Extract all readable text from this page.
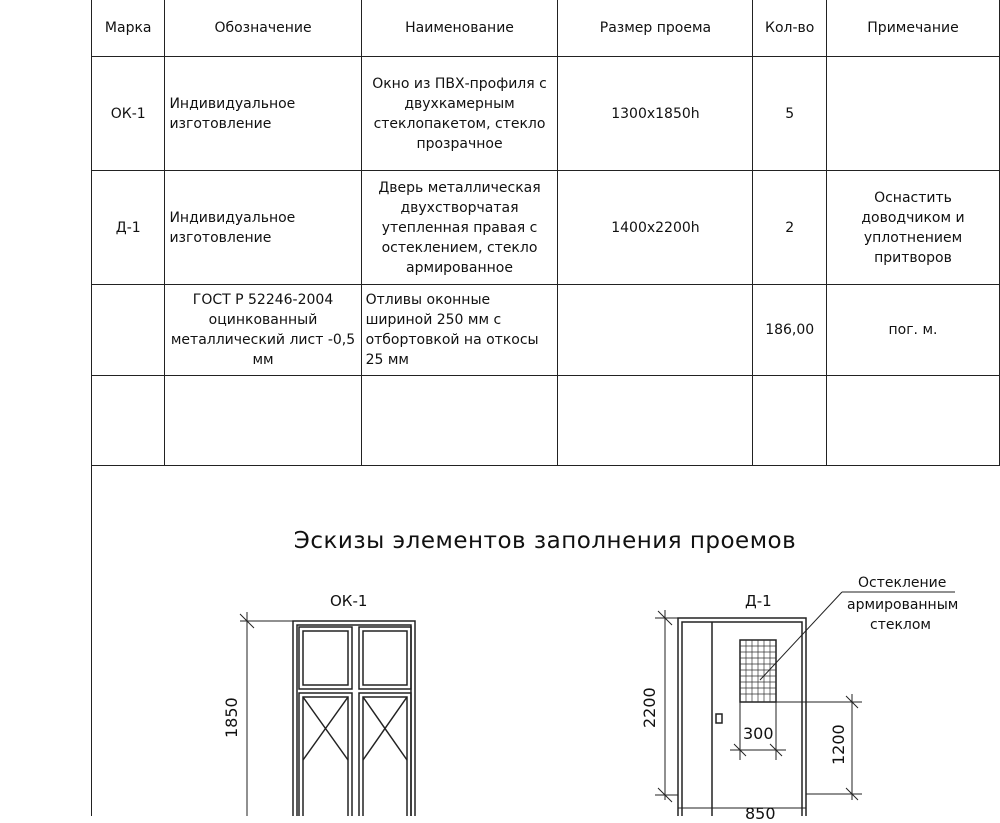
Марка	Обозначение	Наименование	Размер проема	Кол-во	Примечание
ОК-1	Индивидуальное изготовление	Окно из ПВХ-профиля с двухкамерным стеклопакетом, стекло прозрачное	1300х1850h	5	
Д-1	Индивидуальное изготовление	Дверь металлическая двухстворчатая утепленная правая с остеклением, стекло армированное	1400х2200h	2	Оснастить доводчиком и уплотнением притворов
	ГОСТ Р 52246-2004 оцинкованный металлический лист -0,5 мм	Отливы оконные шириной 250 мм с отбортовкой на откосы 25 мм		186,00	пог. м.

Эскизы элементов заполнения проемов
ОК-1	Д-1
1850	2200
300	1200
850
Остекление
армированным
стеклом
